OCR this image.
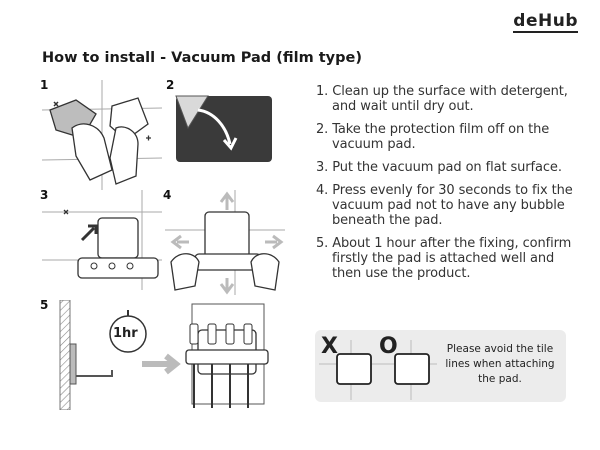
deHub
How to install - Vacuum Pad (film type)
1	2
3	4
5
1hr
1. Clean up the surface with detergent, and wait until dry out.
2. Take the protection film off on the vacuum pad.
3. Put the vacuum pad on flat surface.
4. Press evenly for 30 seconds to fix the vacuum pad not to have any bubble beneath the pad.
5. About 1 hour after the fixing, confirm firstly the pad is attached well and then use the product.
X O	Please avoid the tile lines when attaching the pad.
